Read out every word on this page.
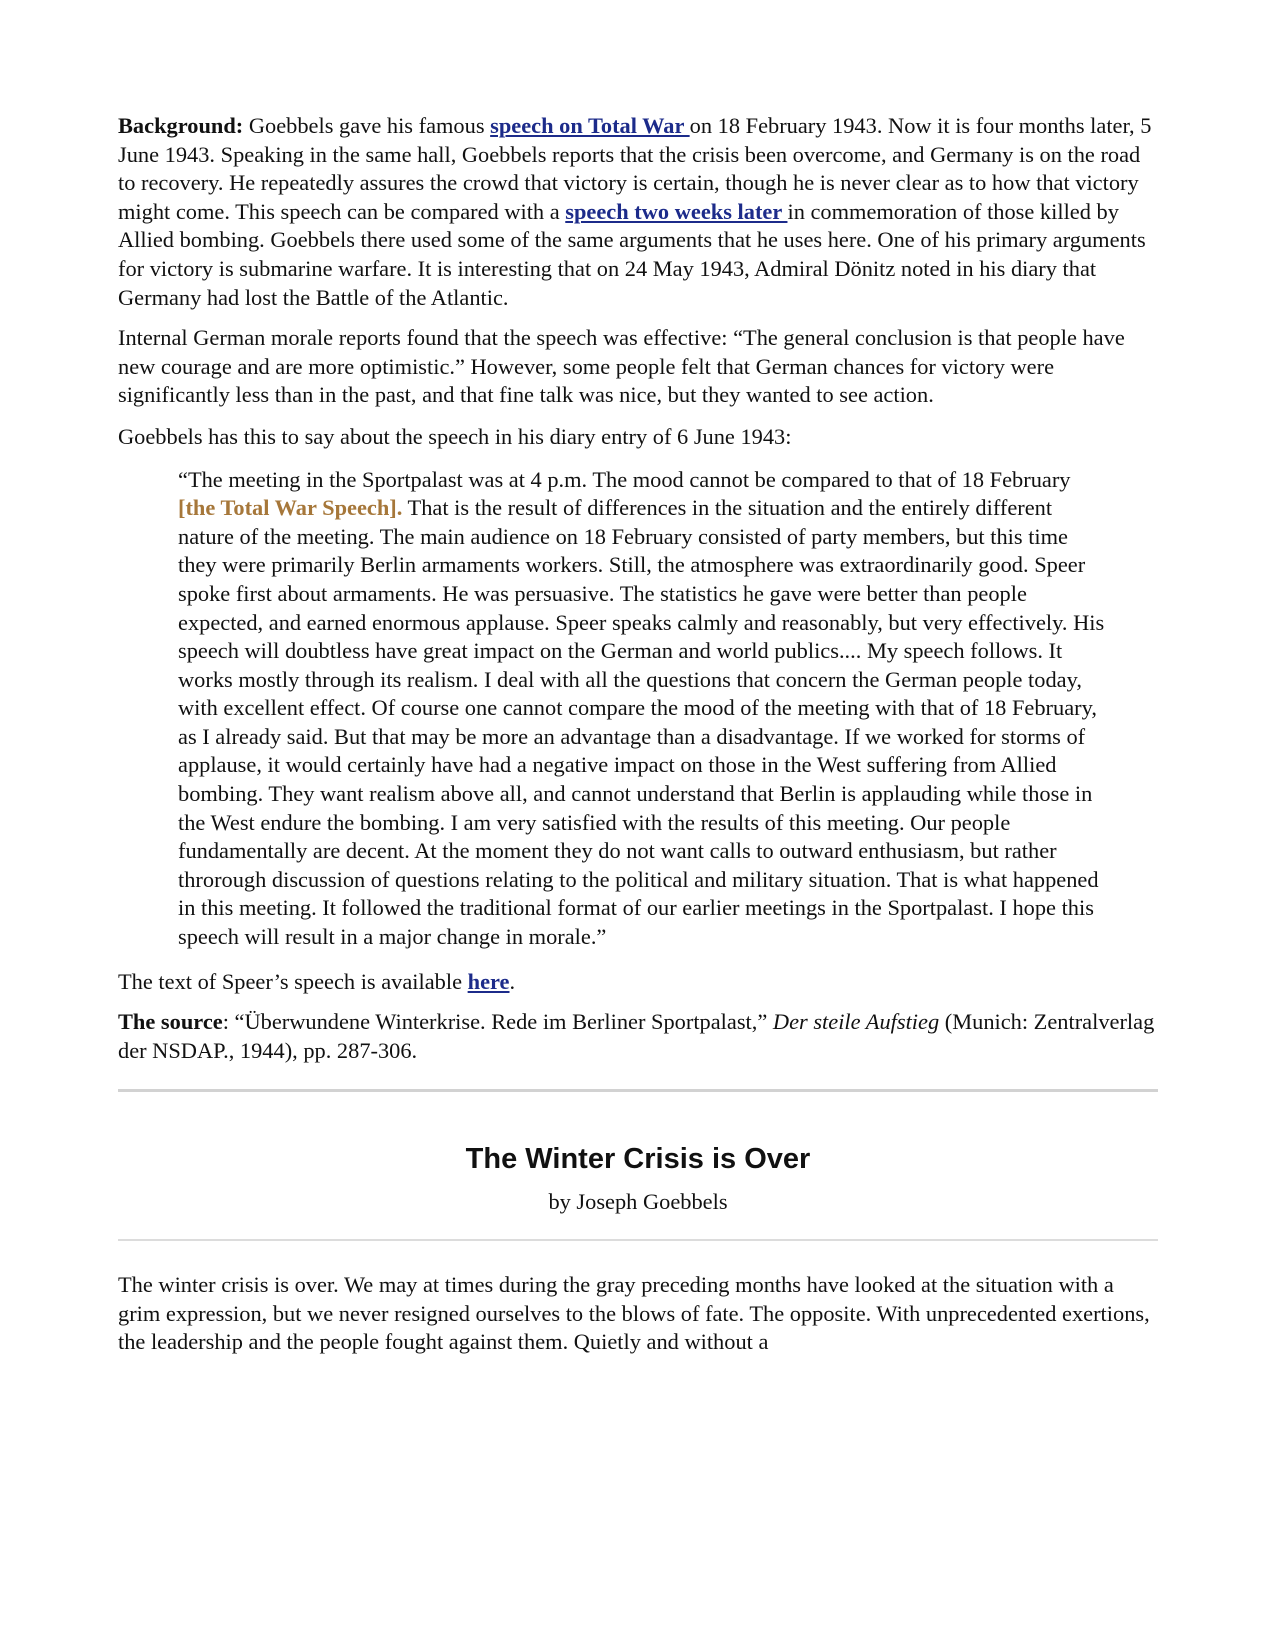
Background: Goebbels gave his famous speech on Total War on 18 February 1943. Now it is four months later, 5 June 1943. Speaking in the same hall, Goebbels reports that the crisis been overcome, and Germany is on the road to recovery. He repeatedly assures the crowd that victory is certain, though he is never clear as to how that victory might come. This speech can be compared with a speech two weeks later in commemoration of those killed by Allied bombing. Goebbels there used some of the same arguments that he uses here. One of his primary arguments for victory is submarine warfare. It is interesting that on 24 May 1943, Admiral Dönitz noted in his diary that Germany had lost the Battle of the Atlantic.

Internal German morale reports found that the speech was effective: “The general conclusion is that people have new courage and are more optimistic.” However, some people felt that German chances for victory were significantly less than in the past, and that fine talk was nice, but they wanted to see action.

Goebbels has this to say about the speech in his diary entry of 6 June 1943:

“The meeting in the Sportpalast was at 4 p.m. The mood cannot be compared to that of 18 February [the Total War Speech]. That is the result of differences in the situation and the entirely different nature of the meeting. The main audience on 18 February consisted of party members, but this time they were primarily Berlin armaments workers. Still, the atmosphere was extraordinarily good. Speer spoke first about armaments. He was persuasive. The statistics he gave were better than people expected, and earned enormous applause. Speer speaks calmly and reasonably, but very effectively. His speech will doubtless have great impact on the German and world publics.... My speech follows. It works mostly through its realism. I deal with all the questions that concern the German people today, with excellent effect. Of course one cannot compare the mood of the meeting with that of 18 February, as I already said. But that may be more an advantage than a disadvantage. If we worked for storms of applause, it would certainly have had a negative impact on those in the West suffering from Allied bombing. They want realism above all, and cannot understand that Berlin is applauding while those in the West endure the bombing. I am very satisfied with the results of this meeting. Our people fundamentally are decent. At the moment they do not want calls to outward enthusiasm, but rather throrough discussion of questions relating to the political and military situation. That is what happened in this meeting. It followed the traditional format of our earlier meetings in the Sportpalast. I hope this speech will result in a major change in morale.”

The text of Speer’s speech is available here.

The source: “Überwundene Winterkrise. Rede im Berliner Sportpalast,” Der steile Aufstieg (Munich: Zentralverlag der NSDAP., 1944), pp. 287-306.

The Winter Crisis is Over
by Joseph Goebbels

The winter crisis is over. We may at times during the gray preceding months have looked at the situation with a grim expression, but we never resigned ourselves to the blows of fate. The opposite. With unprecedented exertions, the leadership and the people fought against them. Quietly and without a
